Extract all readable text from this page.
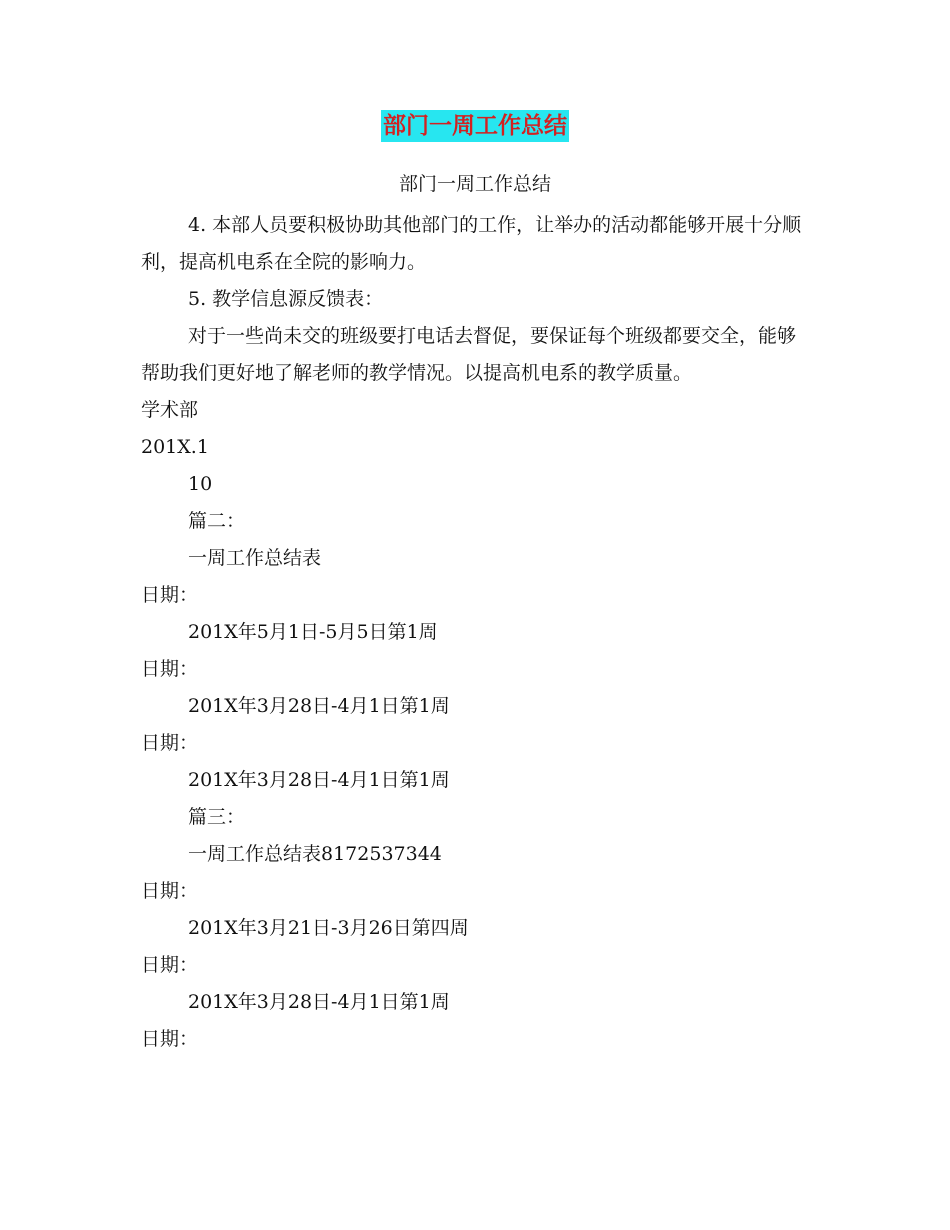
部门一周工作总结
部门一周工作总结

4. 本部人员要积极协助其他部门的工作，让举办的活动都能够开展十分顺利，提高机电系在全院的影响力。

5. 教学信息源反馈表：

对于一些尚未交的班级要打电话去督促，要保证每个班级都要交全，能够帮助我们更好地了解老师的教学情况。以提高机电系的教学质量。

学术部

201X.1

10

篇二：

一周工作总结表

日期：

201X年5月1日-5月5日第1周

日期：

201X年3月28日-4月1日第1周

日期：

201X年3月28日-4月1日第1周

篇三：

一周工作总结表8172537344

日期：

201X年3月21日-3月26日第四周

日期：

201X年3月28日-4月1日第1周

日期：
